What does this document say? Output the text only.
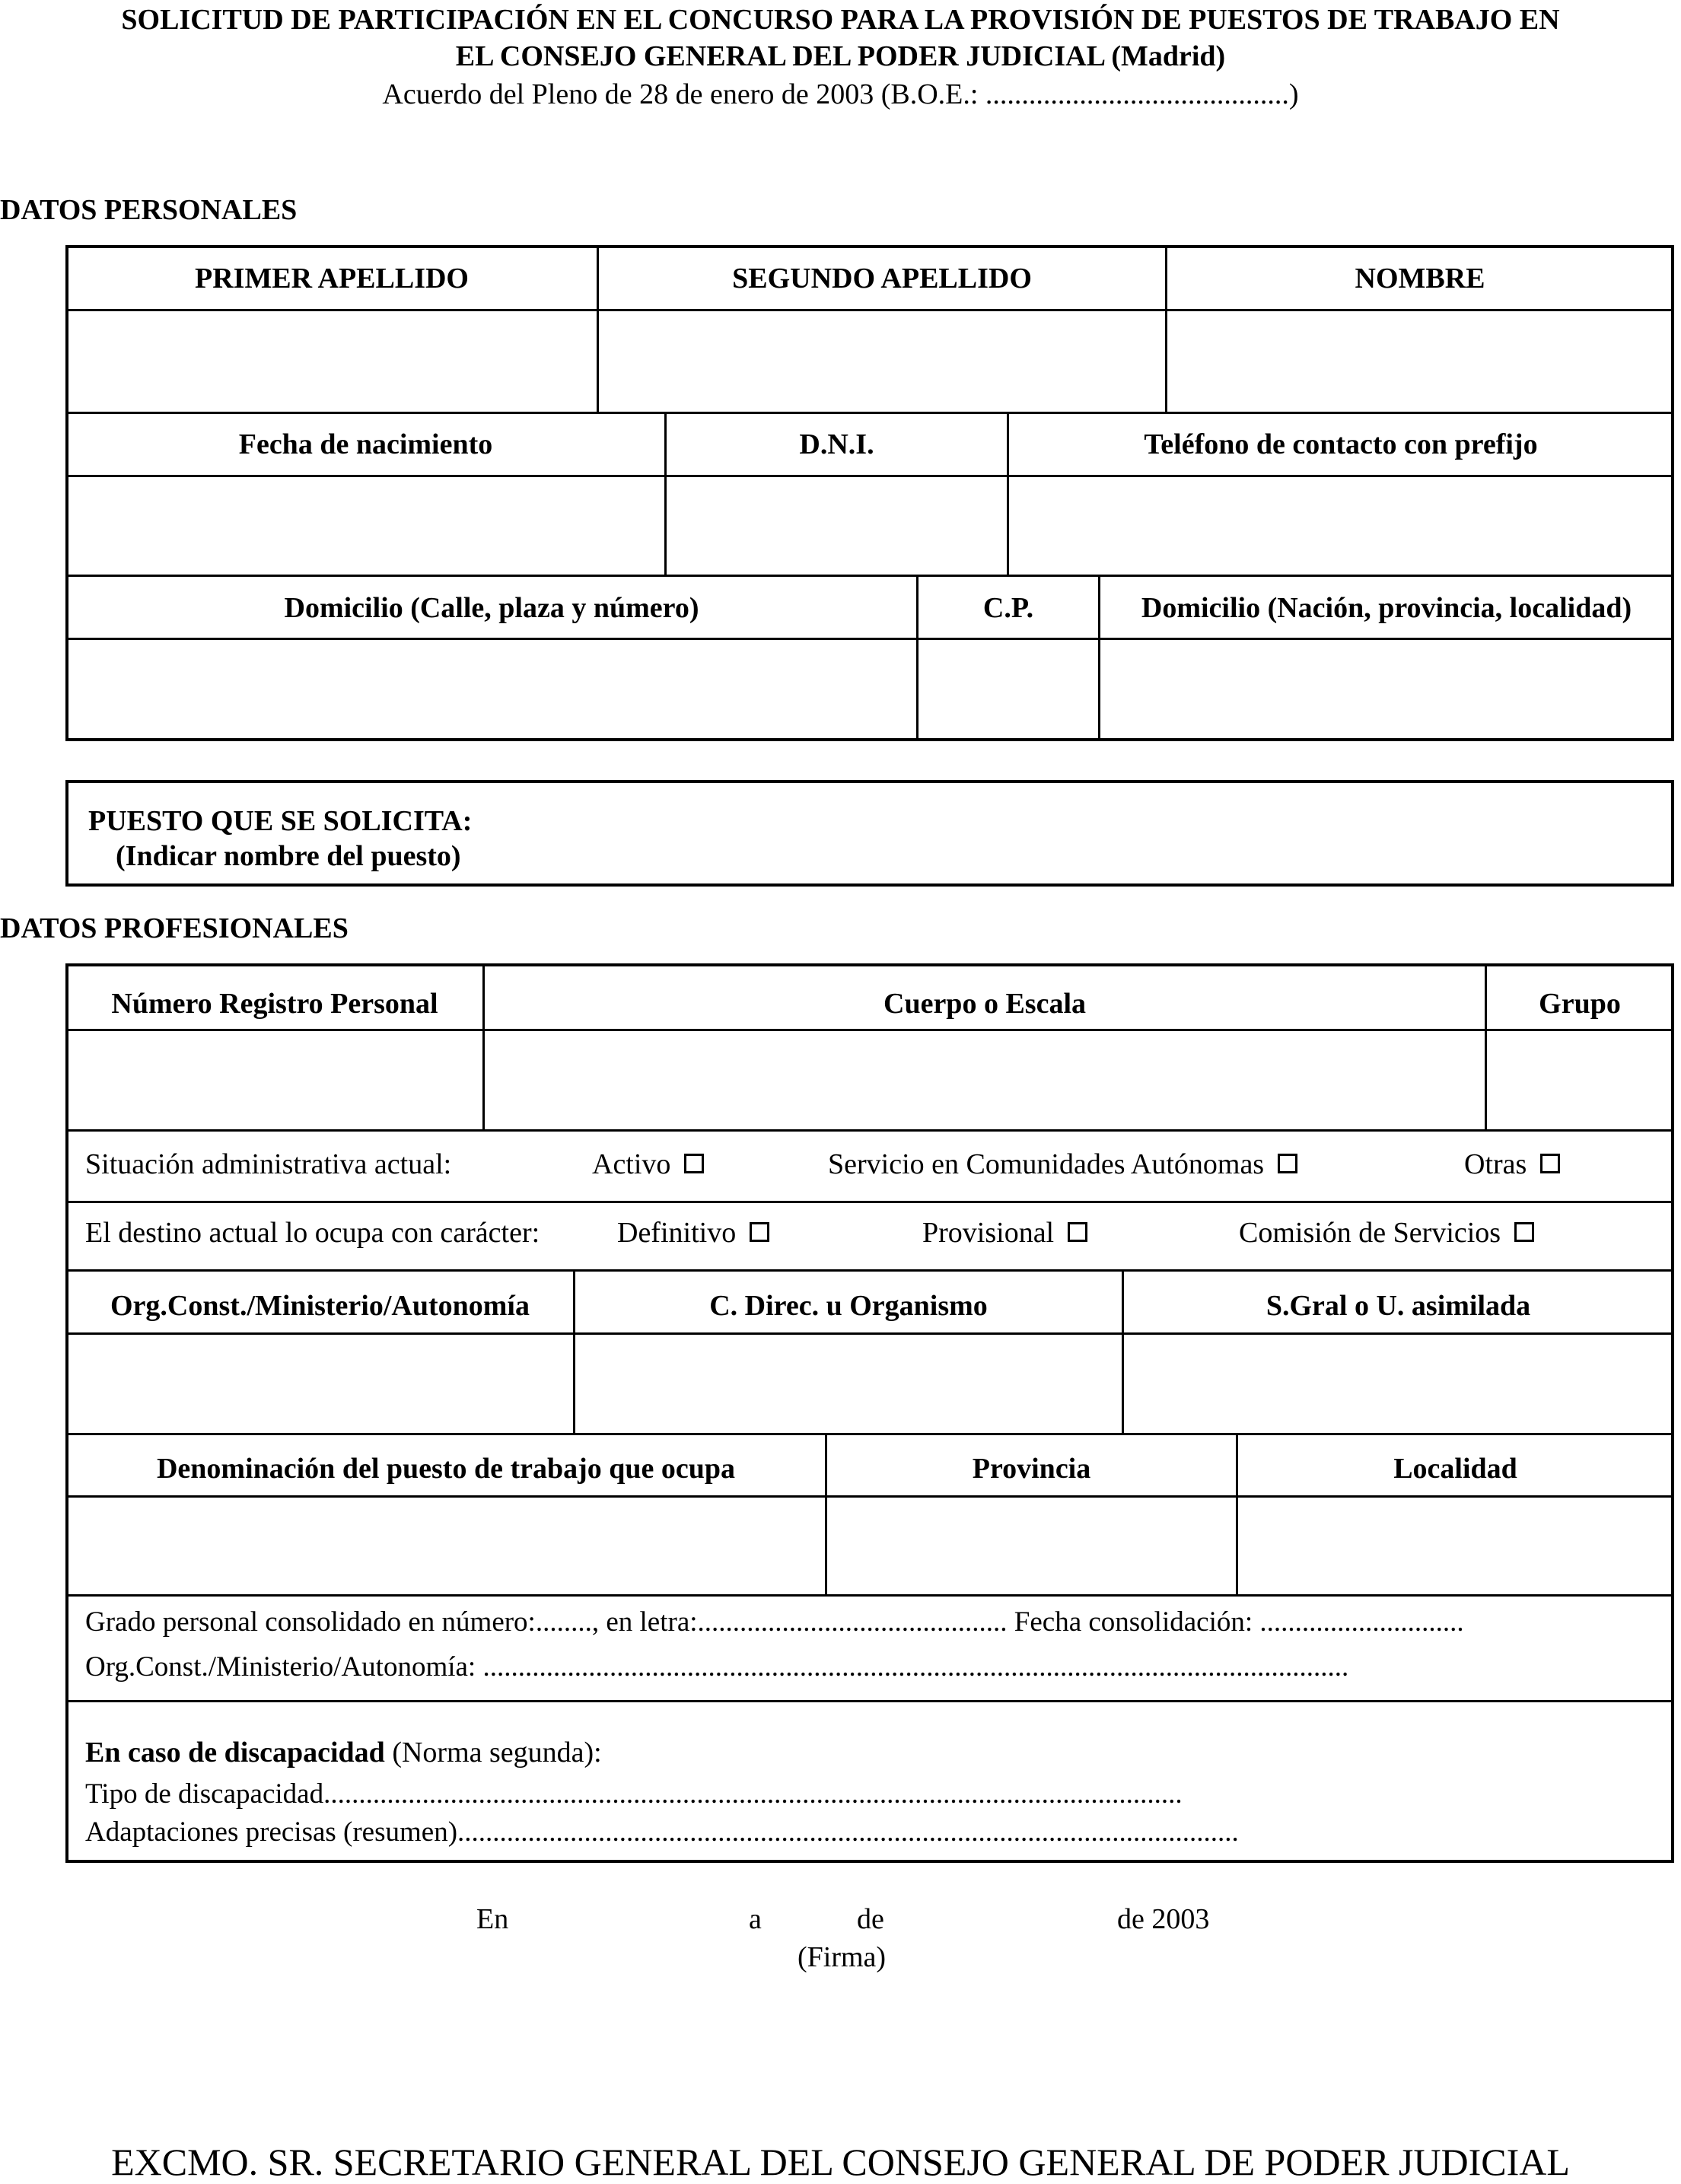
SOLICITUD DE PARTICIPACIÓN EN EL CONCURSO PARA LA PROVISIÓN DE PUESTOS DE TRABAJO EN
EL CONSEJO GENERAL DEL PODER JUDICIAL (Madrid)
Acuerdo del Pleno de 28 de enero de 2003 (B.O.E.: ..........................................)
DATOS PERSONALES
PRIMER APELLIDO	SEGUNDO APELLIDO	NOMBRE
Fecha de nacimiento	D.N.I.	Teléfono de contacto con prefijo
Domicilio (Calle, plaza y número)	C.P.	Domicilio (Nación, provincia, localidad)
PUESTO QUE SE SOLICITA:
(Indicar nombre del puesto)
DATOS PROFESIONALES
Número Registro Personal	Cuerpo o Escala	Grupo
Situación administrativa actual:	Activo	Servicio en Comunidades Autónomas	Otras
El destino actual lo ocupa con carácter:	Definitivo	Provisional	Comisión de Servicios
Org.Const./Ministerio/Autonomía	C. Direc. u Organismo	S.Gral o U. asimilada
Denominación del puesto de trabajo que ocupa	Provincia	Localidad
Grado personal consolidado en número:........, en letra:............................................ Fecha consolidación: .............................
Org.Const./Ministerio/Autonomía: ...........................................................................................................................
En caso de discapacidad (Norma segunda):
Tipo de discapacidad..........................................................................................................................
Adaptaciones precisas (resumen)...............................................................................................................
En	a	de	de 2003
(Firma)
EXCMO. SR. SECRETARIO GENERAL DEL CONSEJO GENERAL DE PODER JUDICIAL
